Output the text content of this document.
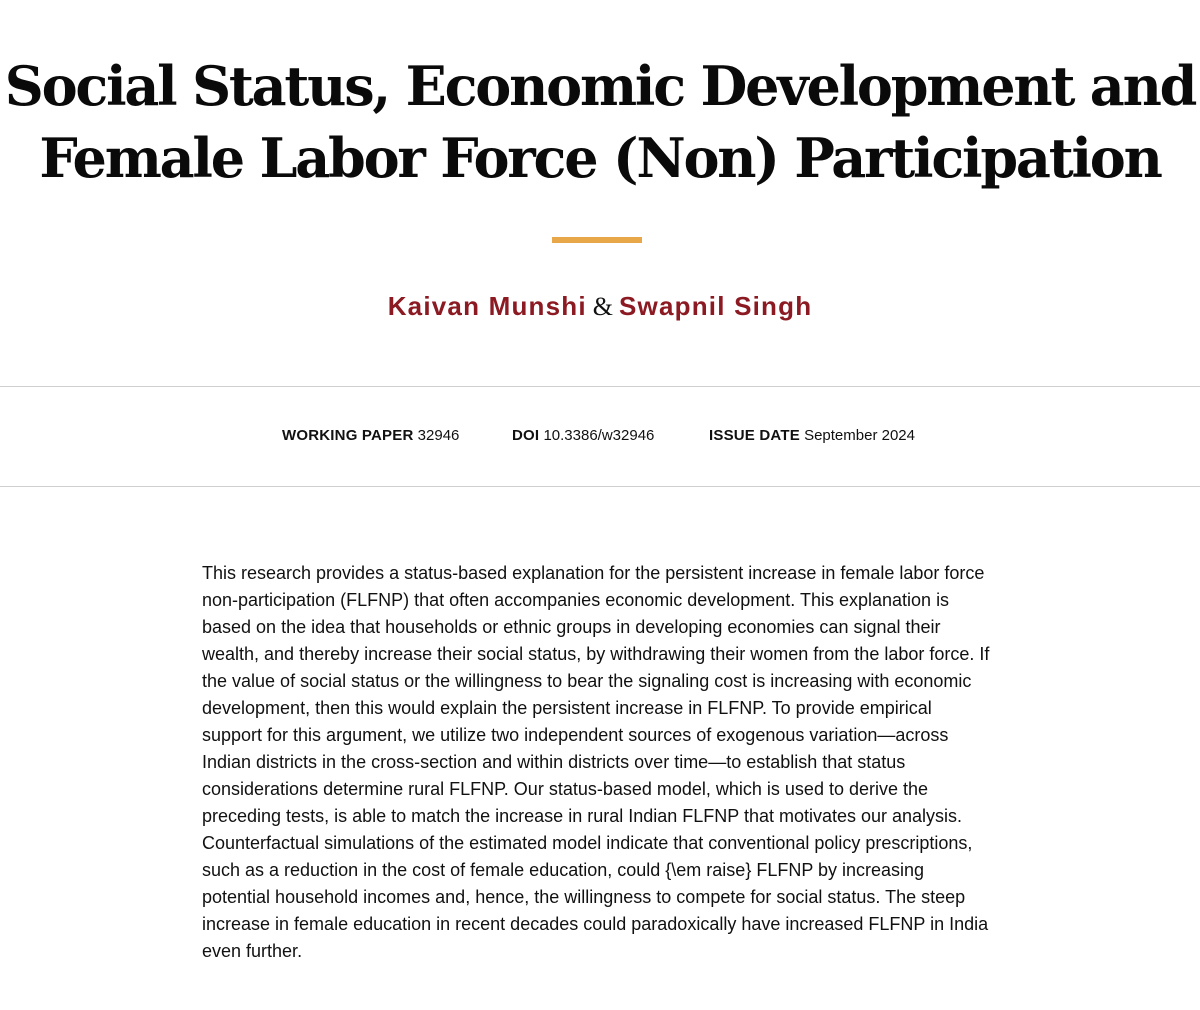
Social Status, Economic Development and
Female Labor Force (Non) Participation
Kaivan Munshi & Swapnil Singh
WORKING PAPER 32946	DOI 10.3386/w32946	ISSUE DATE September 2024
This research provides a status-based explanation for the persistent increase in female labor force
non-participation (FLFNP) that often accompanies economic development. This explanation is
based on the idea that households or ethnic groups in developing economies can signal their
wealth, and thereby increase their social status, by withdrawing their women from the labor force. If
the value of social status or the willingness to bear the signaling cost is increasing with economic
development, then this would explain the persistent increase in FLFNP. To provide empirical
support for this argument, we utilize two independent sources of exogenous variation—across
Indian districts in the cross-section and within districts over time—to establish that status
considerations determine rural FLFNP. Our status-based model, which is used to derive the
preceding tests, is able to match the increase in rural Indian FLFNP that motivates our analysis.
Counterfactual simulations of the estimated model indicate that conventional policy prescriptions,
such as a reduction in the cost of female education, could {\em raise} FLFNP by increasing
potential household incomes and, hence, the willingness to compete for social status. The steep
increase in female education in recent decades could paradoxically have increased FLFNP in India
even further.
